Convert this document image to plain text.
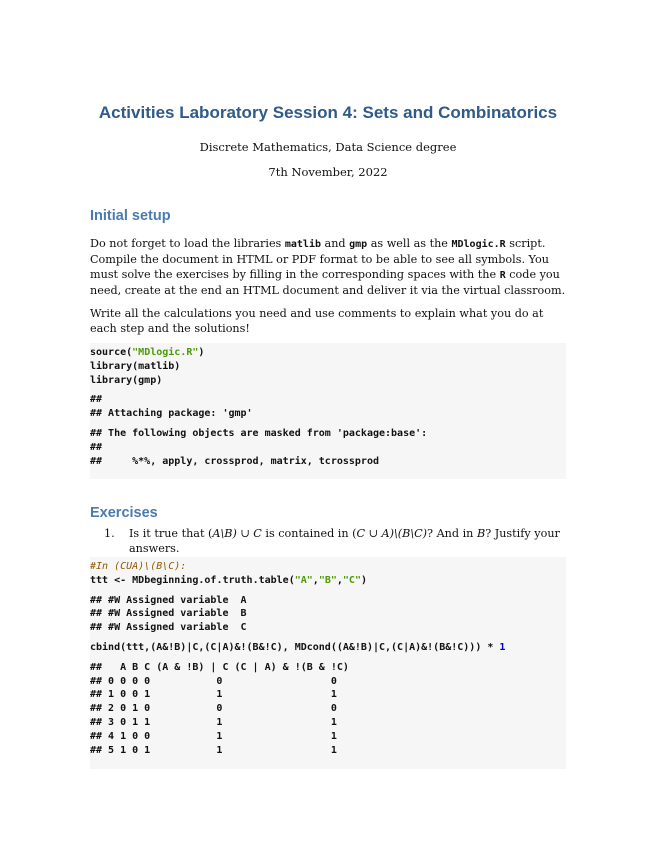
Activities Laboratory Session 4: Sets and Combinatorics
Discrete Mathematics, Data Science degree
7th November, 2022
Initial setup

Do not forget to load the libraries matlib and gmp as well as the MDlogic.R script. Compile the document in HTML or PDF format to be able to see all symbols. You must solve the exercises by filling in the corresponding spaces with the R code you need, create at the end an HTML document and deliver it via the virtual classroom.

Write all the calculations you need and use comments to explain what you do at each step and the solutions!

source("MDlogic.R")
library(matlib)
library(gmp)
##
## Attaching package: 'gmp'
## The following objects are masked from 'package:base':
##
##     %*%, apply, crossprod, matrix, tcrossprod
Exercises
1. Is it true that (A\B) ∪ C is contained in (C ∪ A)\(B\C)? And in B? Justify your answers.
#In (CUA)\(B\C):
ttt <- MDbeginning.of.truth.table("A","B","C")
## #W Assigned variable  A
## #W Assigned variable  B
## #W Assigned variable  C
cbind(ttt,(A&!B)|C,(C|A)&!(B&!C), MDcond((A&!B)|C,(C|A)&!(B&!C))) * 1
##   A B C (A & !B) | C (C | A) & !(B & !C)
## 0 0 0 0           0                  0
## 1 0 0 1           1                  1
## 2 0 1 0           0                  0
## 3 0 1 1           1                  1
## 4 1 0 0           1                  1
## 5 1 0 1           1                  1
